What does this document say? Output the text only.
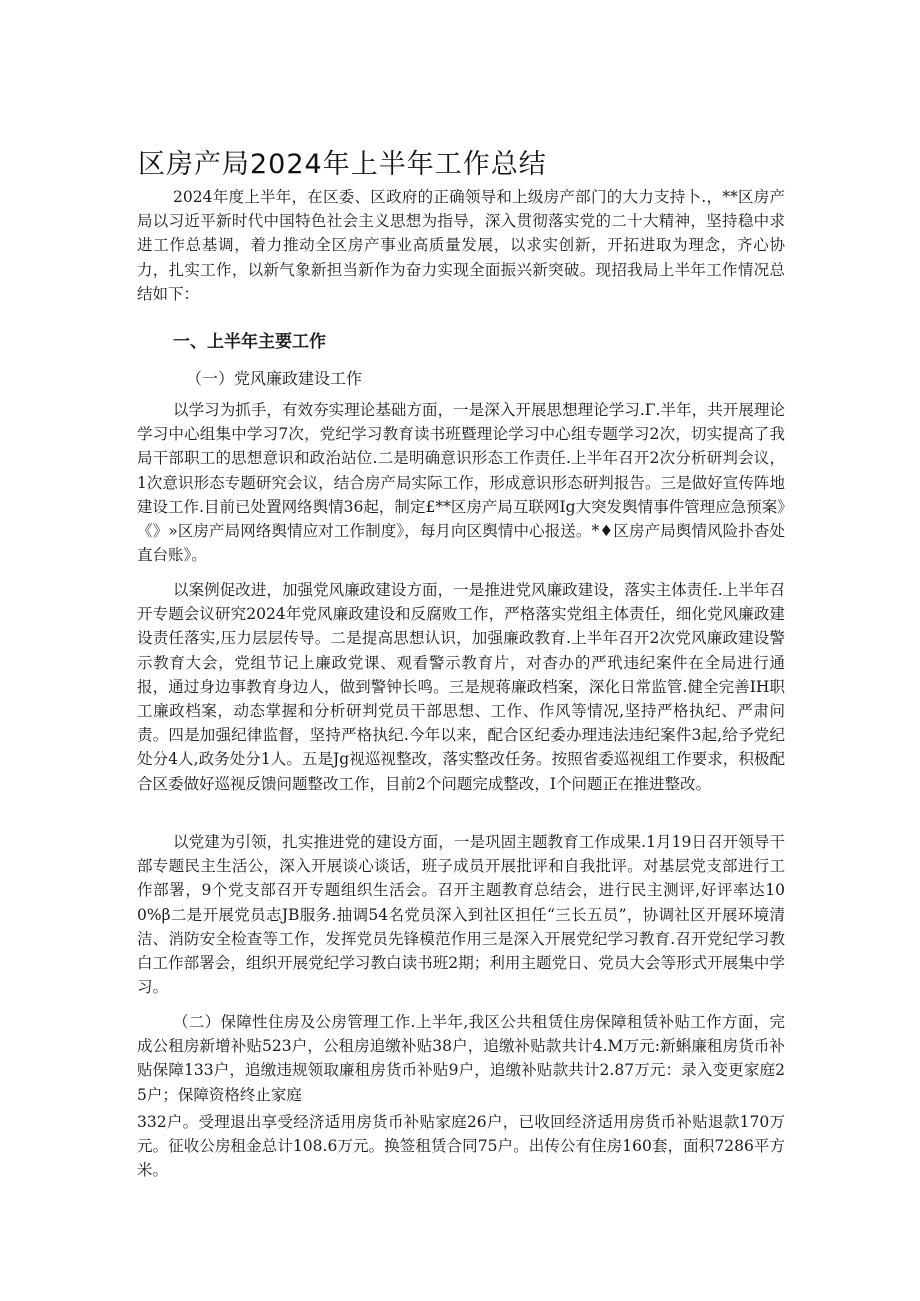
区房产局2024年上半年工作总结

2024年度上半年，在区委、区政府的正确领导和上级房产部门的大力支持卜.，**区房产局以习近平新时代中国特色社会主义思想为指导，深入贯彻落实党的二十大精神，坚持稳中求进工作总基调，着力推动全区房产事业高质量发展，以求实创新，开拓进取为理念，齐心协力，扎实工作，以新气象新担当新作为奋力实现全面振兴新突破。现招我局上半年工作情况总结如下：

一、上半年主要工作
（一）党风廉政建设工作

以学习为抓手，有效夯实理论基础方面，一是深入开展思想理论学习.Γ.半年，共开展理论学习中心组集中学习7次，党纪学习教育读书班暨理论学习中心组专题学习2次，切实提高了我局干部职工的思想意识和政治站位.二是明确意识形态工作责任.上半年召开2次分析研判会议，1次意识形态专题研究会议，结合房产局实际工作，形成意识形态研判报告。三是做好宣传阵地建设工作.目前已处置网络舆情36起，制定£**区房产局互联网Ig大突发舆情事件管理应急预案》《》»区房产局网络舆情应对工作制度》，每月向区舆情中心报送。*♦区房产局舆情风险扑杳处直台账》。

以案例促改进，加强党风廉政建设方面，一是推进党风廉政建设，落实主体责任.上半年召开专题会议研究2024年党风廉政建设和反腐败工作，严格落实党组主体责任，细化党风廉政建设责任落实,压力层层传导。二是提高思想认识，加强廉政教育.上半年召开2次党风廉政建设警示教育大会，党组节记上廉政党课、观看警示教育片，对杳办的严玳违纪案件在全局进行通报，通过身边事教育身边人，做到警钟长鸣。三是规蒋廉政档案，深化日常监管.健全完善IH职工廉政档案，动态掌握和分析研判党员干部思想、工作、作风等情况,坚持严格执纪、严肃问责。四是加强纪律监督，坚持严格执纪.今年以来，配合区纪委办理违法违纪案件3起,给予党纪处分4人,政务处分1人。五是Jg视巡视整改，落实整改任务。按照省委巡视组工作要求，积极配合区委做好巡视反馈问题整改工作，目前2个问题完成整改，I个问题正在推进整改。

以党建为引领，扎实推进党的建设方面，一是巩固主题教育工作成果.1月19日召开领导干部专题民主生活公，深入开展谈心谈话，班子成员开展批评和自我批评。对基层党支部进行工作部署，9个党支部召开专题组织生活会。召开主题教育总结会，进行民主测评,好评率达100%β二是开展党员志JB服务.抽调54名党员深入到社区担任“三长五员”，协调社区开展环境清洁、消防安全检查等工作，发挥党员先锋模范作用三是深入开展党纪学习教育.召开党纪学习教白工作部署会，组织开展党纪学习教白读书班2期；利用主题党日、党员大会等形式开展集中学习。

（二）保障性住房及公房管理工作.上半年,我区公共租赁住房保障租赁补贴工作方面，完成公租房新增补贴523户，公租房追缴补贴38户，追缴补贴款共计4.M万元:新蝌廉租房货币补贴保障133户，追缴违规领取廉租房货币补贴9户，追缴补贴款共计2.87万元：录入变更家庭25户；保障资格终止家庭

332户。受理退出享受经济适用房货币补贴家庭26户，已收回经济适用房货币补贴退款170万元。征收公房租金总计108.6万元。换签租赁合同75户。出传公有住房160套，面积7286平方米。
